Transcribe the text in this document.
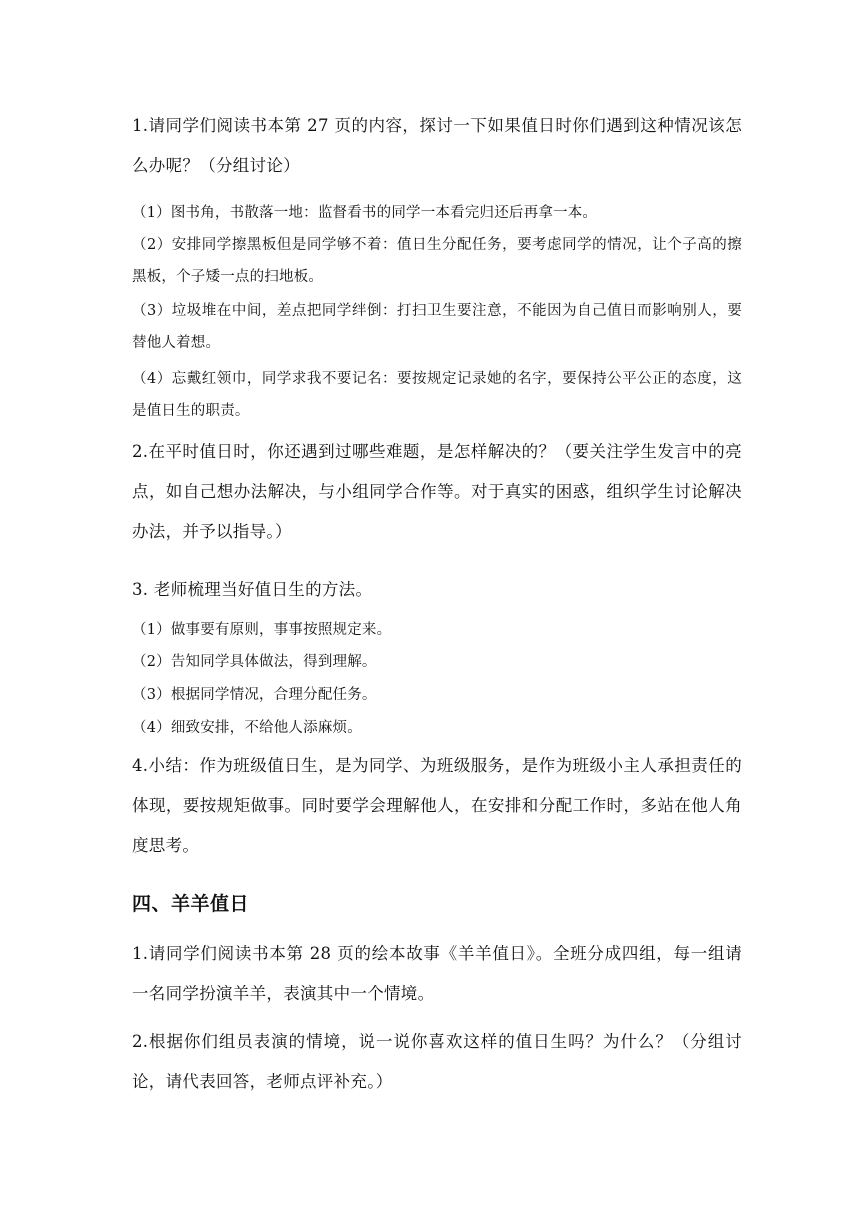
1.请同学们阅读书本第 27 页的内容，探讨一下如果值日时你们遇到这种情况该怎么办呢？（分组讨论）

（1）图书角，书散落一地：监督看书的同学一本看完归还后再拿一本。

（2）安排同学擦黑板但是同学够不着：值日生分配任务，要考虑同学的情况，让个子高的擦黑板，个子矮一点的扫地板。

（3）垃圾堆在中间，差点把同学绊倒：打扫卫生要注意，不能因为自己值日而影响别人，要替他人着想。

（4）忘戴红领巾，同学求我不要记名：要按规定记录她的名字，要保持公平公正的态度，这是值日生的职责。

2.在平时值日时，你还遇到过哪些难题，是怎样解决的？（要关注学生发言中的亮点，如自己想办法解决，与小组同学合作等。对于真实的困惑，组织学生讨论解决办法，并予以指导。）

3. 老师梳理当好值日生的方法。

（1）做事要有原则，事事按照规定来。

（2）告知同学具体做法，得到理解。

（3）根据同学情况，合理分配任务。

（4）细致安排，不给他人添麻烦。

4.小结：作为班级值日生，是为同学、为班级服务，是作为班级小主人承担责任的体现，要按规矩做事。同时要学会理解他人，在安排和分配工作时，多站在他人角度思考。

四、羊羊值日

1.请同学们阅读书本第 28 页的绘本故事《羊羊值日》。全班分成四组，每一组请一名同学扮演羊羊，表演其中一个情境。

2.根据你们组员表演的情境，说一说你喜欢这样的值日生吗？为什么？（分组讨论，请代表回答，老师点评补充。）
